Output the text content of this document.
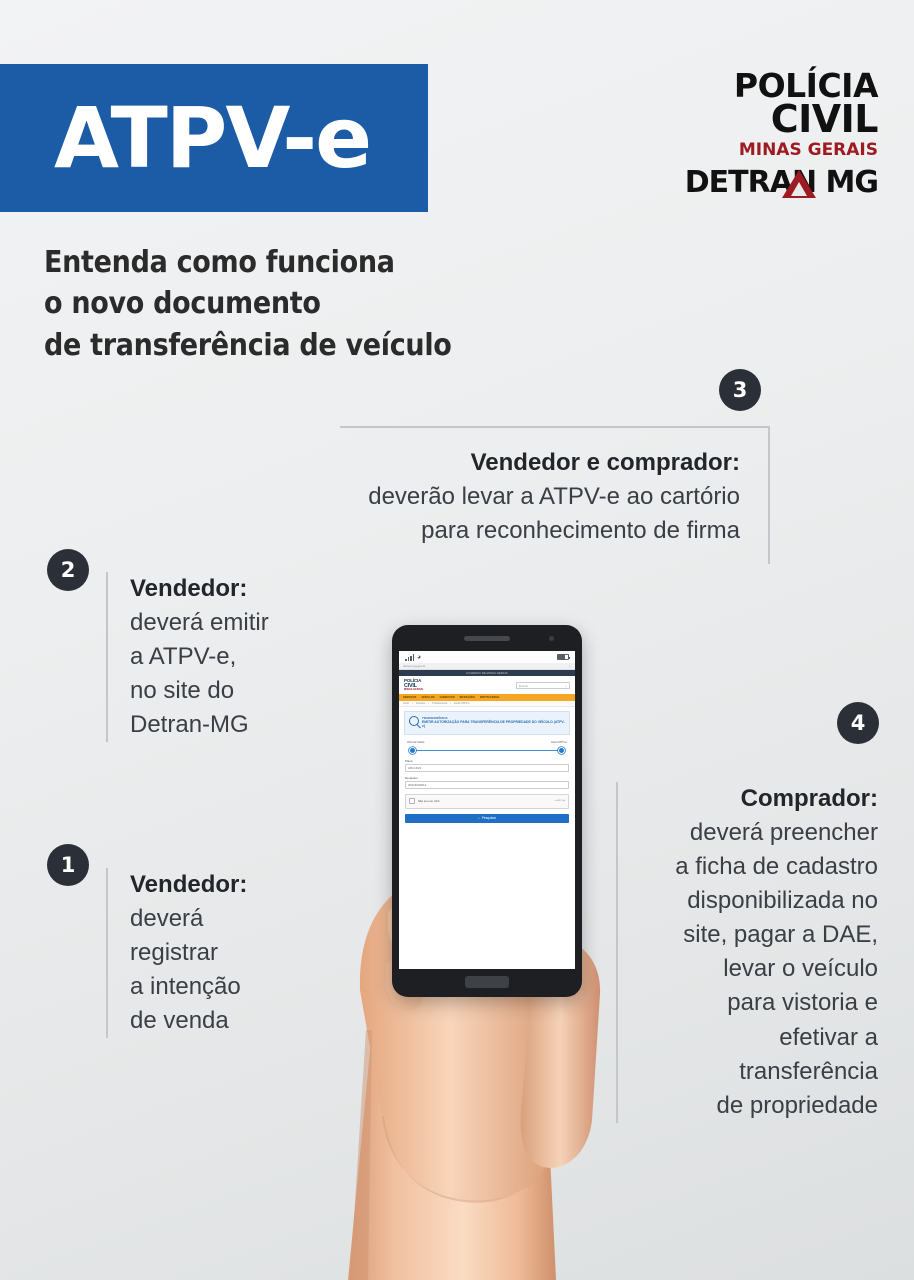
ATPV-e
Entenda como funciona
o novo documento
de transferência de veículo
POLÍCIA
CIVIL
MINAS GERAIS
DETRAN MG
1
2
3
4
Vendedor:
deverá
registrar
a intenção
de venda
Vendedor:
deverá emitir
a ATPV-e,
no site do
Detran-MG
Vendedor e comprador:
deverão levar a ATPV-e ao cartório
para reconhecimento de firma
Comprador:
deverá preencher
a ficha de cadastro
disponibilizada no
site, pagar a DAE,
levar o veículo
para vistoria e
efetivar a
transferência
de propriedade
◕
detran.mg.gov.br	⋮
GOVERNO DE MINAS GERAIS
POLÍCIA
CIVIL
MINAS GERAIS
Buscar	⌕
SERVIÇOS VEÍCULOS CONDUTOR INFRAÇÕES INSTITUCIONAL
Início › Veículos › Transferência › Emitir ATPV-e
TRANSFERÊNCIA
EMITIR AUTORIZAÇÃO PARA TRANSFERÊNCIA DE PROPRIEDADE DO VEÍCULO (ATPV-e)
Informar dados	Gerar ATPV-e
Placa
ABC1D23
Renavam
00018929812
Não sou um robô	reCAPTCHA
⌕ Pesquisar
